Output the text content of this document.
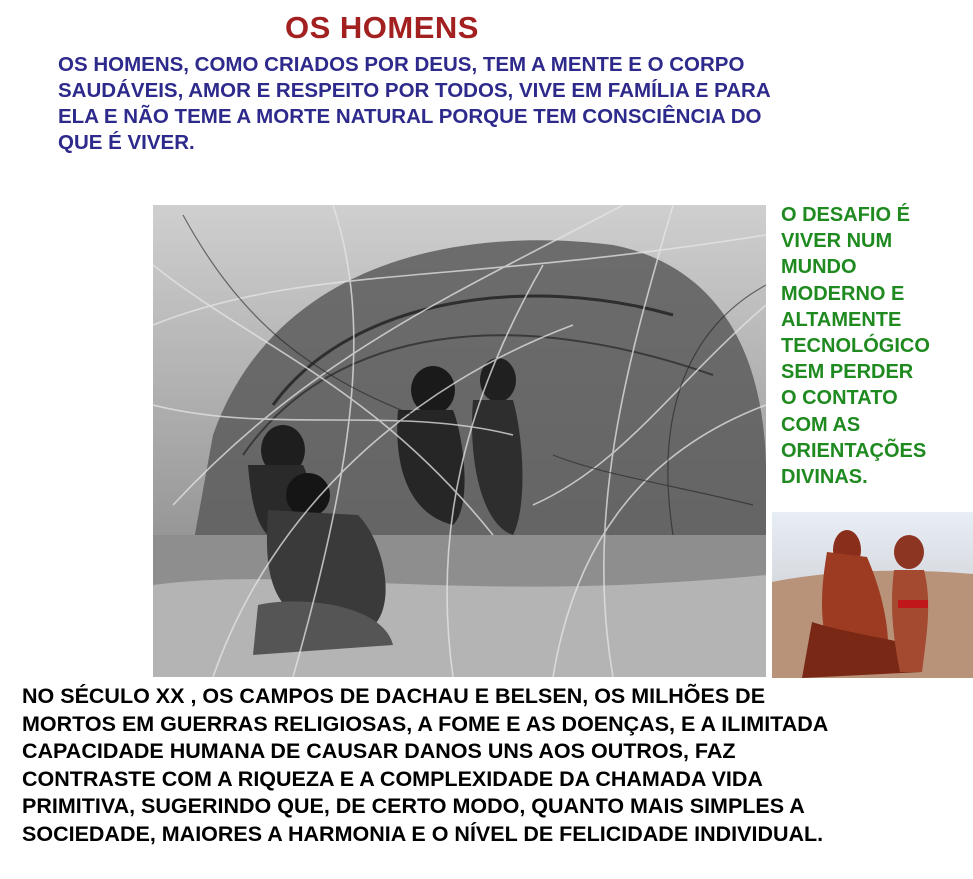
OS HOMENS
OS HOMENS, COMO CRIADOS POR DEUS, TEM A MENTE E O CORPO
SAUDÁVEIS, AMOR E RESPEITO POR TODOS, VIVE EM FAMÍLIA E PARA
ELA E NÃO TEME A MORTE NATURAL PORQUE TEM CONSCIÊNCIA DO
QUE É VIVER.
O DESAFIO É
VIVER NUM
MUNDO
MODERNO E
ALTAMENTE
TECNOLÓGICO
SEM PERDER
O CONTATO
COM AS
ORIENTAÇÕES
DIVINAS.
NO SÉCULO XX , OS CAMPOS DE DACHAU E BELSEN, OS MILHÕES DE
MORTOS EM GUERRAS RELIGIOSAS, A FOME E AS DOENÇAS, E A ILIMITADA
CAPACIDADE HUMANA DE CAUSAR DANOS UNS AOS OUTROS, FAZ
CONTRASTE COM A RIQUEZA E A COMPLEXIDADE DA CHAMADA VIDA
PRIMITIVA, SUGERINDO QUE, DE CERTO MODO, QUANTO MAIS SIMPLES A
SOCIEDADE, MAIORES A HARMONIA E O NÍVEL DE FELICIDADE INDIVIDUAL.
